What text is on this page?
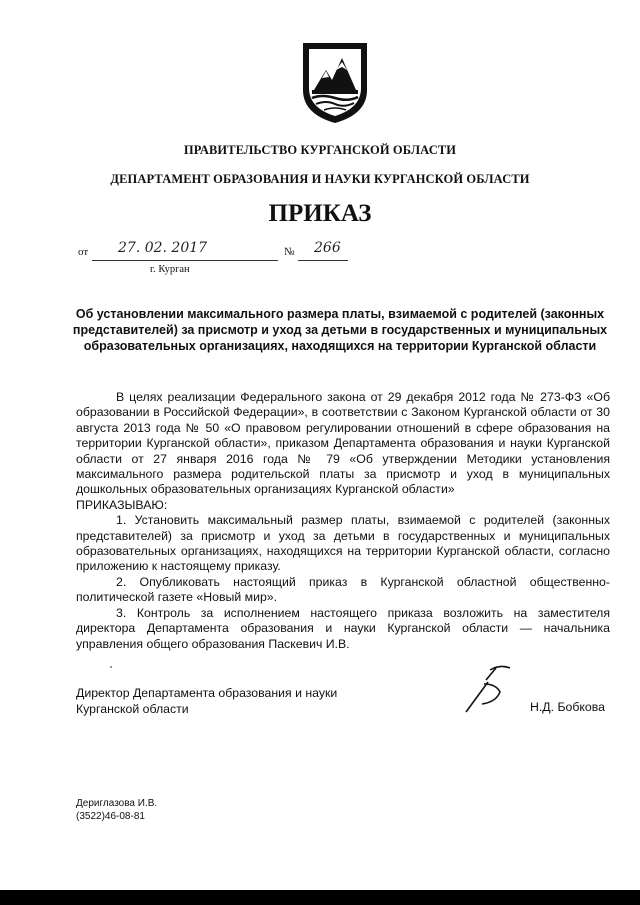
ПРАВИТЕЛЬСТВО КУРГАНСКОЙ ОБЛАСТИ
ДЕПАРТАМЕНТ ОБРАЗОВАНИЯ И НАУКИ КУРГАНСКОЙ ОБЛАСТИ
ПРИКАЗ
от 27. 02. 2017	№ 266
г. Курган
Об установлении максимального размера платы, взимаемой с родителей (законных представителей) за присмотр и уход за детьми в государственных и муниципальных образовательных организациях, находящихся на территории Курганской области

В целях реализации Федерального закона от 29 декабря 2012 года № 273-ФЗ «Об образовании в Российской Федерации», в соответствии с Законом Курганской области от 30 августа 2013 года № 50 «О правовом регулировании отношений в сфере образования на территории Курганской области», приказом Департамента образования и науки Курганской области от 27 января 2016 года № 79 «Об утверждении Методики установления максимального размера родительской платы за присмотр и уход в муниципальных дошкольных образовательных организациях Курганской области»

ПРИКАЗЫВАЮ:

1. Установить максимальный размер платы, взимаемой с родителей (законных представителей) за присмотр и уход за детьми в государственных и муниципальных образовательных организациях, находящихся на территории Курганской области, согласно приложению к настоящему приказу.

2. Опубликовать настоящий приказ в Курганской областной общественно-политической газете «Новый мир».

3. Контроль за исполнением настоящего приказа возложить на заместителя директора Департамента образования и науки Курганской области — начальника управления общего образования Паскевич И.В.

Директор Департамента образования и науки
Курганской области	Н.Д. Бобкова
Дериглазова И.В.
(3522)46-08-81
